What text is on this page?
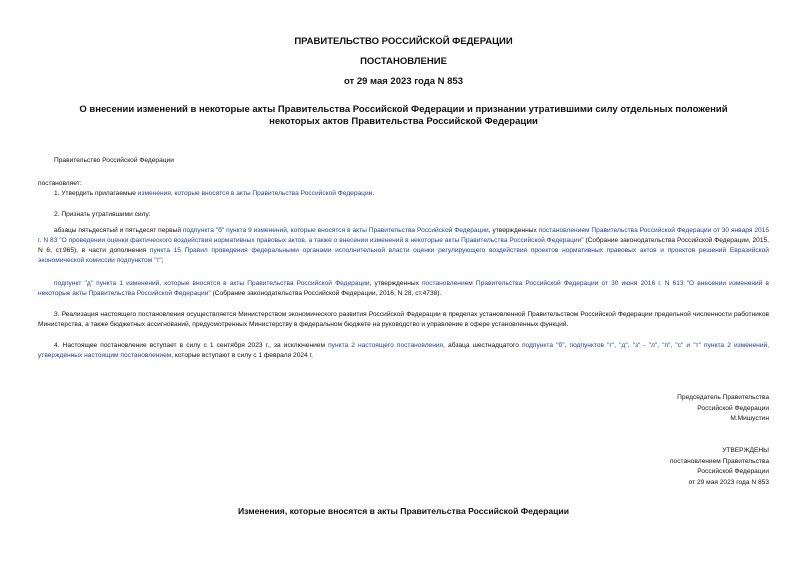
ПРАВИТЕЛЬСТВО РОССИЙСКОЙ ФЕДЕРАЦИИ
ПОСТАНОВЛЕНИЕ
от 29 мая 2023 года N 853
О внесении изменений в некоторые акты Правительства Российской Федерации и признании утратившими силу отдельных положений некоторых актов Правительства Российской Федерации
Правительство Российской Федерации
постановляет:
1. Утвердить прилагаемые изменения, которые вносятся в акты Правительства Российской Федерации.
2. Признать утратившими силу:
абзацы пятьдесятый и пятьдесят первый подпункта "б" пункта 9 изменений, которые вносятся в акты Правительства Российской Федерации, утвержденных постановлением Правительства Российской Федерации от 30 января 2015 г. N 83 "О проведении оценки фактического воздействия нормативных правовых актов, а также о внесении изменений в некоторые акты Правительства Российской Федерации" (Собрание законодательства Российской Федерации, 2015, N 6, ст.965), в части дополнения пункта 15 Правил проведения федеральными органами исполнительной власти оценки регулирующего воздействия проектов нормативных правовых актов и проектов решений Евразийской экономической комиссии подпунктом "т";
подпункт "д" пункта 1 изменений, которые вносятся в акты Правительства Российской Федерации, утвержденных постановлением Правительства Российской Федерации от 30 июня 2016 г. N 613 "О внесении изменений в некоторые акты Правительства Российской Федерации" (Собрание законодательства Российской Федерации, 2016, N 28, ст.4738).
3. Реализация настоящего постановления осуществляется Министерством экономического развития Российской Федерации в пределах установленной Правительством Российской Федерации предельной численности работников Министерства, а также бюджетных ассигнований, предусмотренных Министерству в федеральном бюджете на руководство и управление в сфере установленных функций.
4. Настоящее постановление вступает в силу с 1 сентября 2023 г., за исключением пункта 2 настоящего постановления, абзаца шестнадцатого подпункта "б", подпунктов "г", "д", "з" - "л", "п", "с" и "т" пункта 2 изменений, утвержденных настоящим постановлением, которые вступают в силу с 1 февраля 2024 г.
Председатель Правительства
Российской Федерации
М.Мишустин
УТВЕРЖДЕНЫ
постановлением Правительства
Российской Федерации
от 29 мая 2023 года N 853
Изменения, которые вносятся в акты Правительства Российской Федерации
